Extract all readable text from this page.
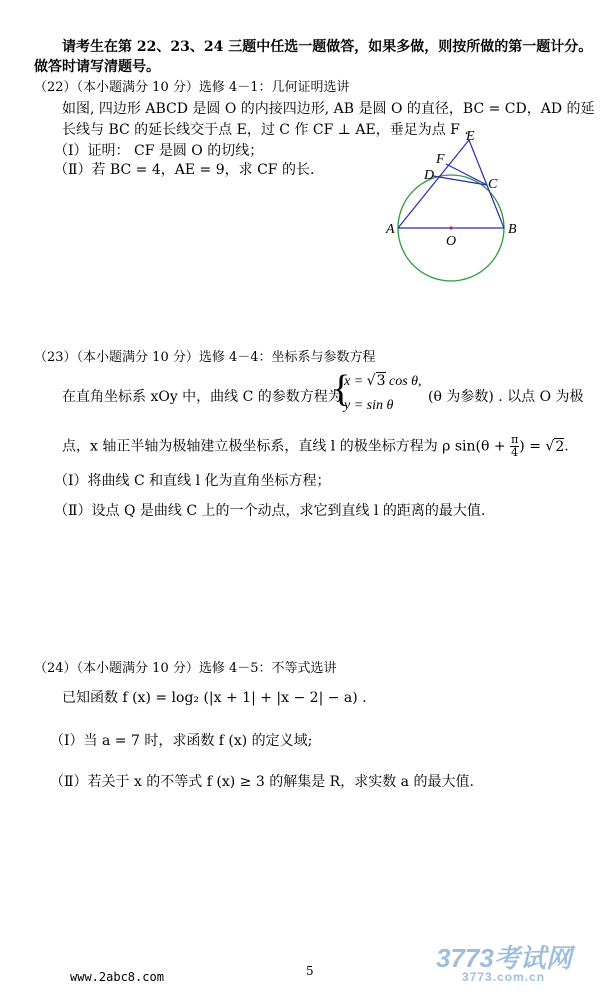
请考生在第 22、23、24 三题中任选一题做答，如果多做，则按所做的第一题计分。
做答时请写清题号。
（22）（本小题满分 10 分）选修 4－1：几何证明选讲
如图, 四边形 ABCD 是圆 O 的内接四边形, AB 是圆 O 的直径，BC = CD，AD 的延
长线与 BC 的延长线交于点 E，过 C 作 CF ⊥ AE，垂足为点 F .
（Ⅰ）证明： CF 是圆 O 的切线；
（Ⅱ）若 BC = 4，AE = 9，求 CF 的长.
E
F
D
C
A	B
O
（23）（本小题满分 10 分）选修 4－4：坐标系与参数方程
在直角坐标系 xOy 中，曲线 C 的参数方程为
{
x = √3 cos θ,
y = sin θ
(θ 为参数) . 以点 O 为极
点，x 轴正半轴为极轴建立极坐标系，直线 l 的极坐标方程为 ρ $\sin(\theta + \frac{\pi}{4}$ ) = √2.
（Ⅰ）将曲线 C 和直线 l 化为直角坐标方程；
（Ⅱ）设点 Q 是曲线 C 上的一个动点，求它到直线 l 的距离的最大值.
（24）（本小题满分 10 分）选修 4－5：不等式选讲
已知函数 f (x) = log₂ (|x + 1| + |x − 2| − a) .
（Ⅰ）当 a = 7 时，求函数 f (x) 的定义域;
（Ⅱ）若关于 x 的不等式 f (x) ≥ 3 的解集是 R，求实数 a 的最大值.
5
www.2abc8.com
3773考试网
3773.com.cn
